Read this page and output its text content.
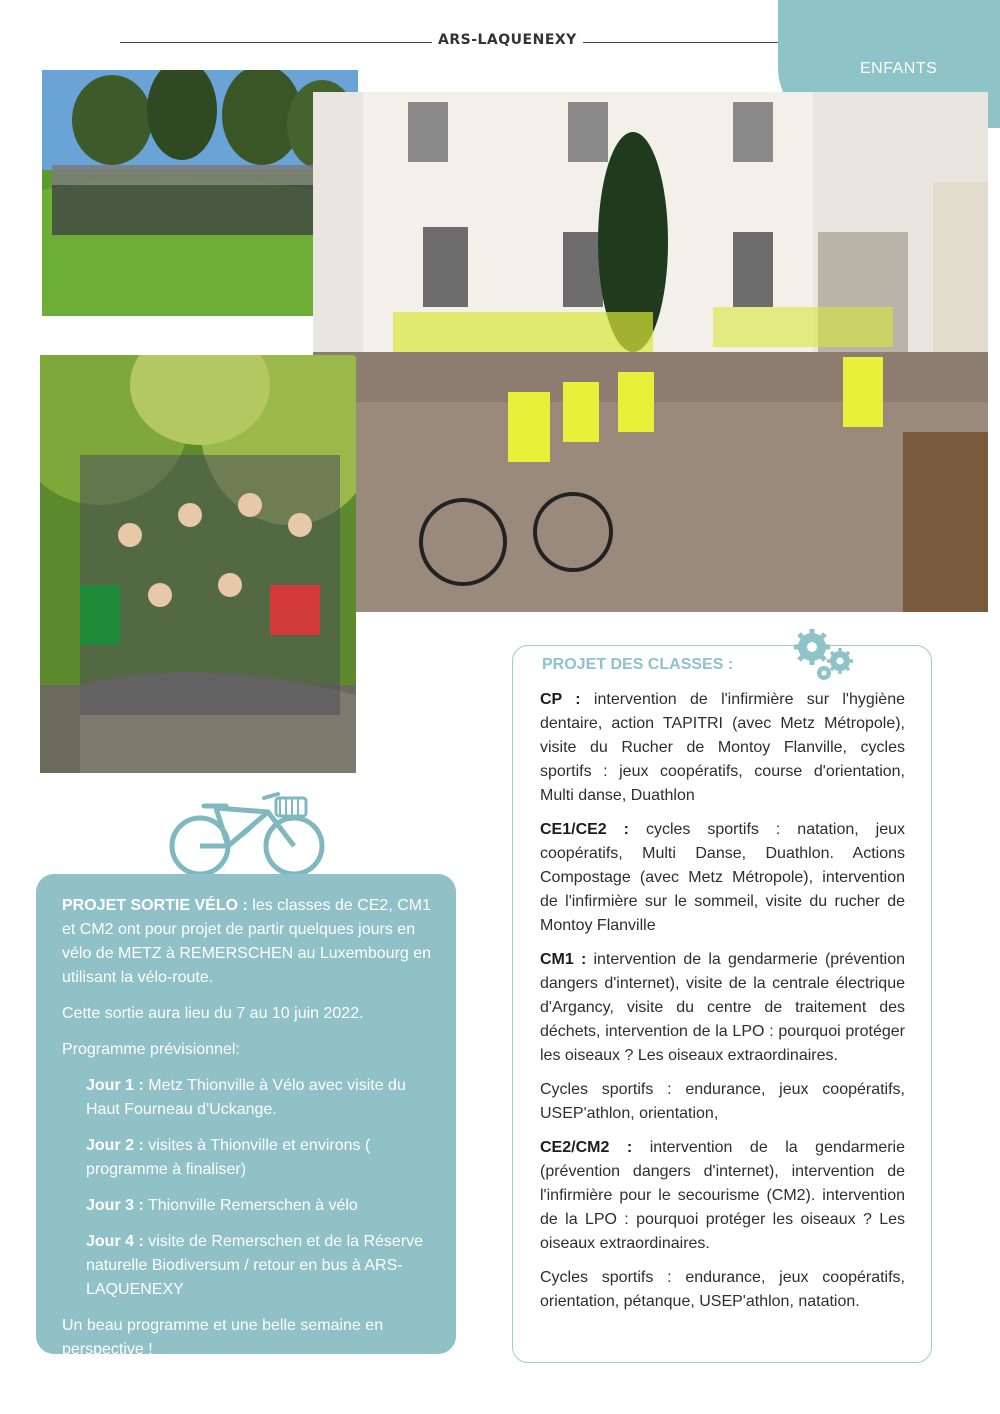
ARS-LAQUENEXY
ENFANTS

PROJET SORTIE VÉLO : les classes de CE2, CM1 et CM2 ont pour projet de partir quelques jours en vélo de METZ à REMERSCHEN au Luxembourg en utilisant la vélo-route.

Cette sortie aura lieu du 7 au 10 juin 2022.

Programme prévisionnel:

Jour 1 : Metz Thionville à Vélo avec visite du Haut Fourneau d'Uckange.

Jour 2 : visites à Thionville et environs ( programme à finaliser)

Jour 3 : Thionville Remerschen à vélo

Jour 4 : visite de Remerschen et de la Réserve naturelle Biodiversum / retour en bus à ARS-LAQUENEXY

Un beau programme et une belle semaine en perspective !

PROJET DES CLASSES :

CP : intervention de l'infirmière sur l'hygiène dentaire, action TAPITRI (avec Metz Métropole), visite du Rucher de Montoy Flanville, cycles sportifs : jeux coopératifs, course d'orientation, Multi danse, Duathlon

CE1/CE2 : cycles sportifs : natation, jeux coopératifs, Multi Danse, Duathlon. Actions Compostage (avec Metz Métropole), intervention de l'infirmière sur le sommeil, visite du rucher de Montoy Flanville

CM1 : intervention de la gendarmerie (prévention dangers d'internet), visite de la centrale électrique d'Argancy, visite du centre de traitement des déchets, intervention de la LPO : pourquoi protéger les oiseaux ? Les oiseaux extraordinaires.

Cycles sportifs : endurance, jeux coopératifs, USEP'athlon, orientation,

CE2/CM2 : intervention de la gendarmerie (prévention dangers d'internet), intervention de l'infirmière pour le secourisme (CM2). intervention de la LPO : pourquoi protéger les oiseaux ? Les oiseaux extraordinaires.

Cycles sportifs : endurance, jeux coopératifs, orientation, pétanque, USEP'athlon, natation.
